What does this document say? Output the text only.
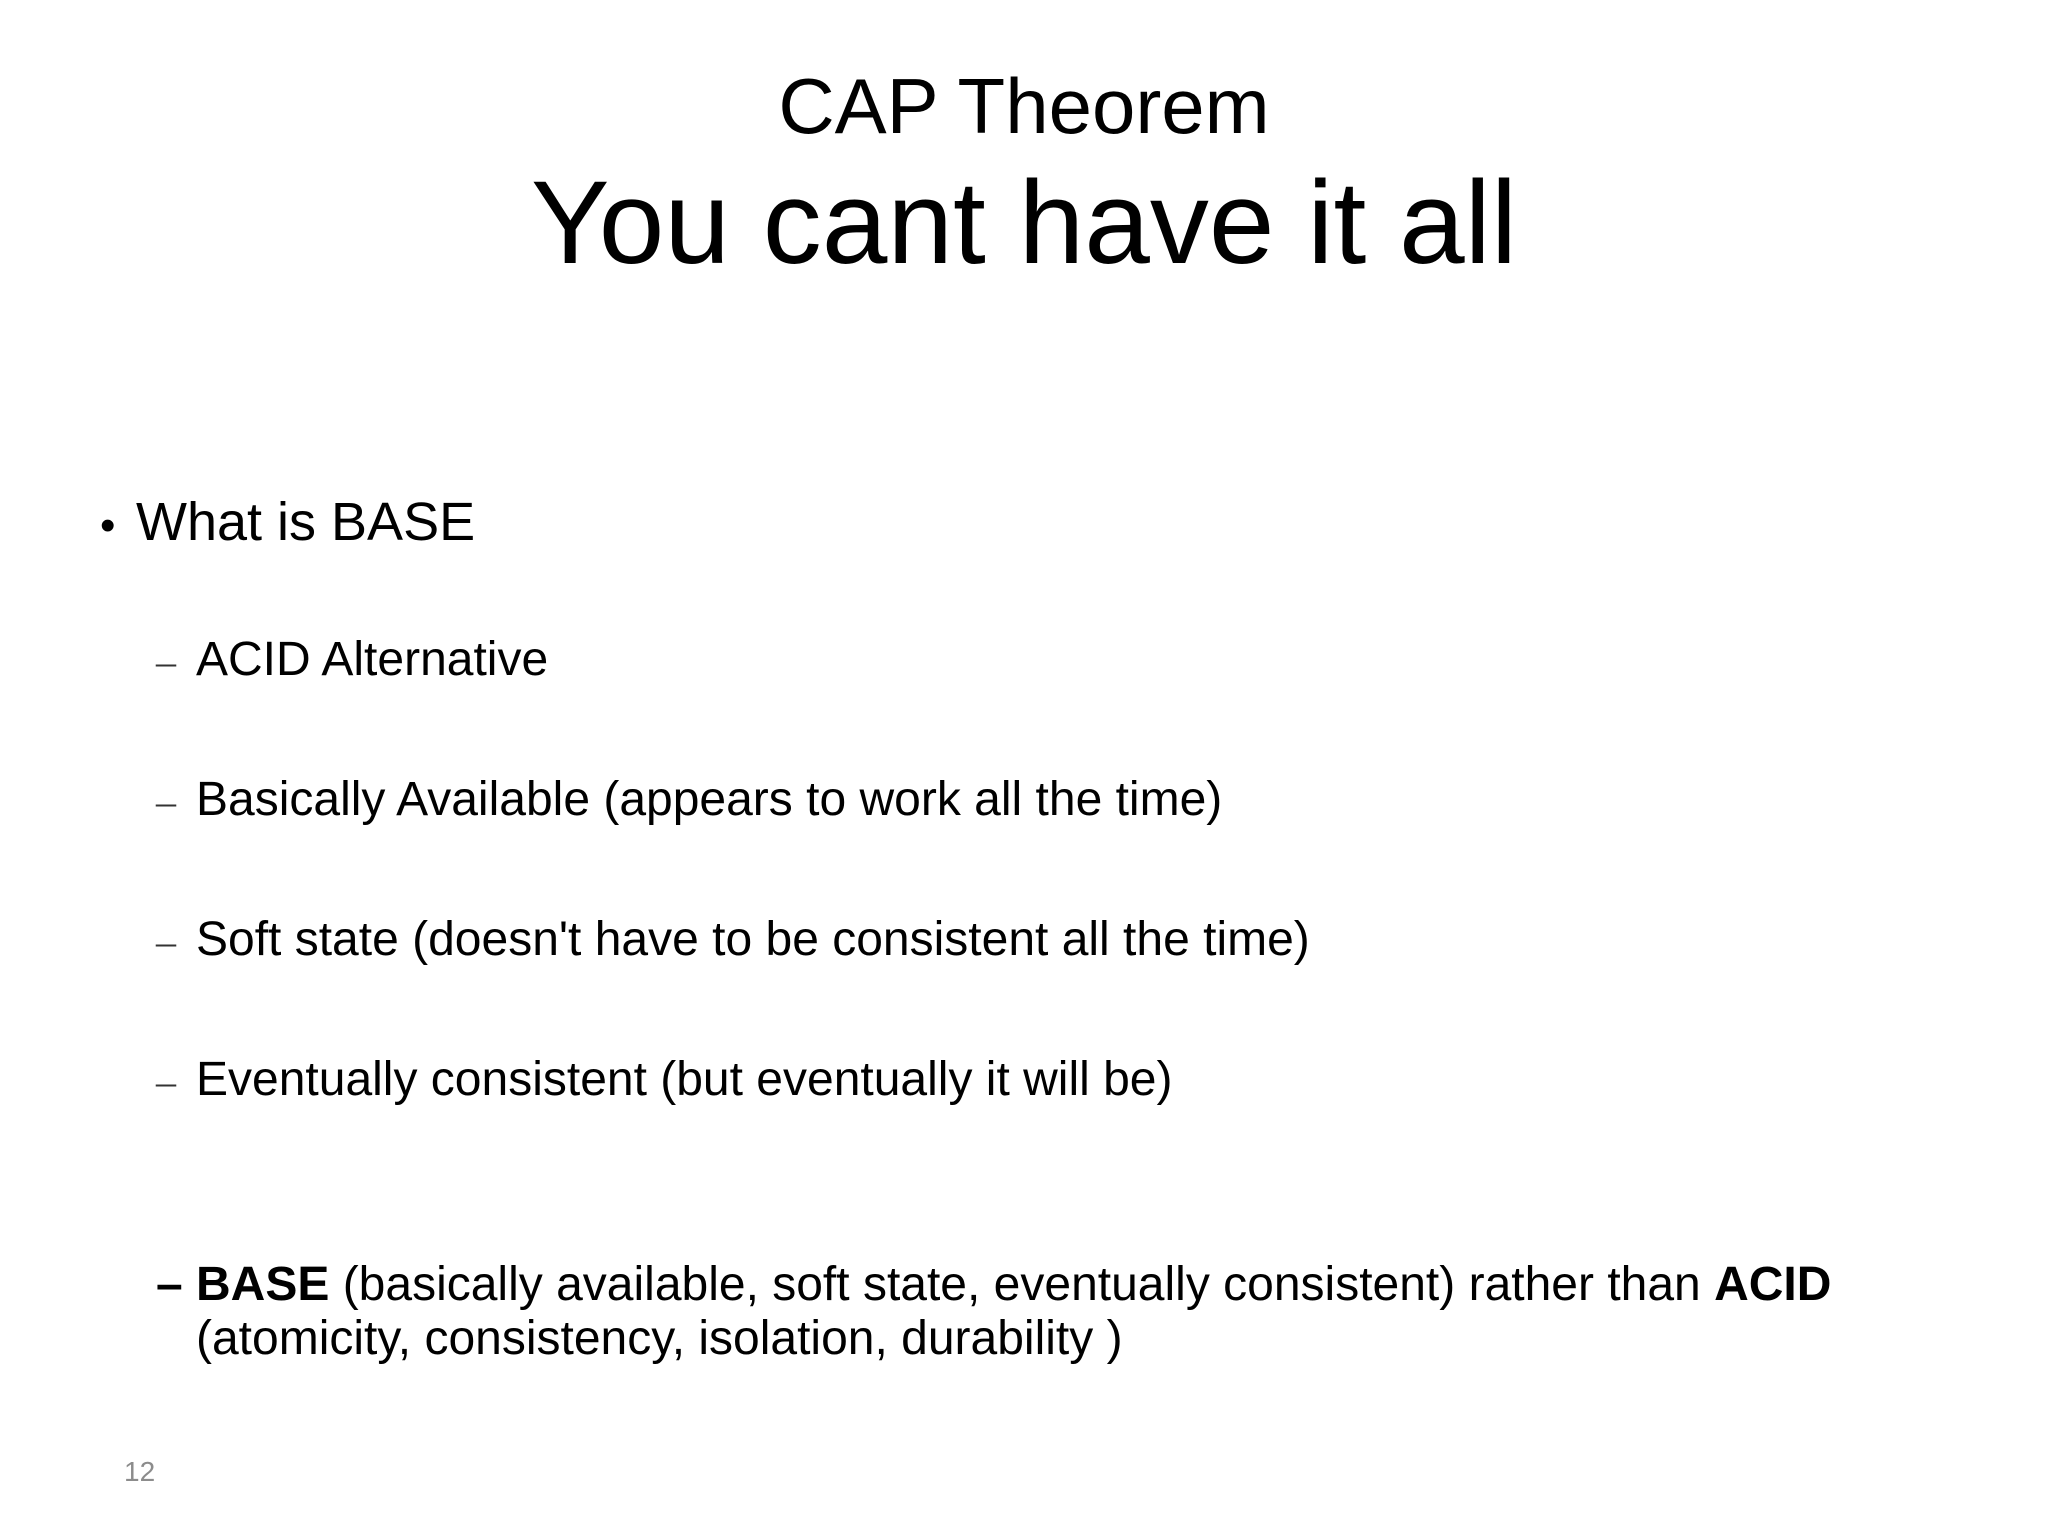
CAP Theorem
You cant have it all
• What is BASE
– ACID Alternative
– Basically Available (appears to work all the time)
– Soft state (doesn't have to be consistent all the time)
– Eventually consistent (but eventually it will be)
– BASE (basically available, soft state, eventually consistent) rather than ACID (atomicity, consistency, isolation, durability )
12
